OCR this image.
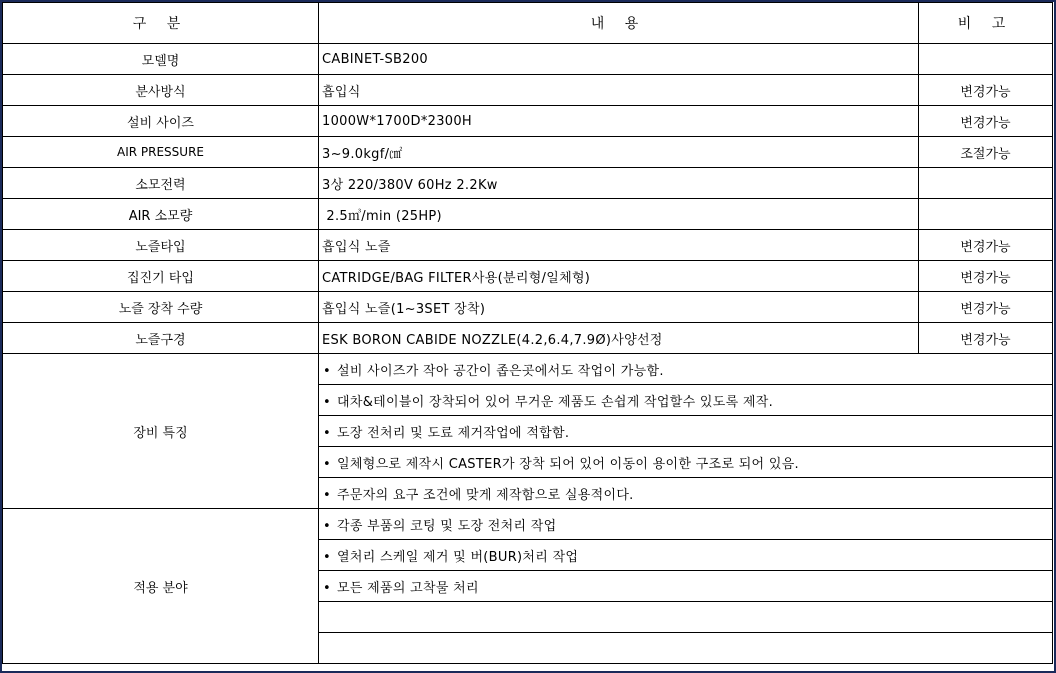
구 분	내 용	비 고
모델명	CABINET-SB200	
분사방식	흡입식	변경가능
설비 사이즈	1000W*1700D*2300H	변경가능
AIR PRESSURE	3~9.0kgf/㎠	조절가능
소모전력	3상 220/380V 60Hz 2.2Kw	
AIR 소모량	2.5㎥/min (25HP)	
노즐타입	흡입식 노즐	변경가능
집진기 타입	CATRIDGE/BAG FILTER사용(분리형/일체형)	변경가능
노즐 장착 수량	흡입식 노즐(1~3SET 장착)	변경가능
노즐구경	ESK BORON CABIDE NOZZLE(4.2,6.4,7.9Ø)사양선정	변경가능
장비 특징	• 설비 사이즈가 작아 공간이 좁은곳에서도 작업이 가능함.	
	• 대차&테이블이 장착되어 있어 무거운 제품도 손쉽게 작업할수 있도록 제작.	
	• 도장 전처리 및 도료 제거작업에 적합함.	
	• 일체형으로 제작시 CASTER가 장착 되어 있어 이동이 용이한 구조로 되어 있음.	
	• 주문자의 요구 조건에 맞게 제작함으로 실용적이다.	
적용 분야	• 각종 부품의 코팅 및 도장 전처리 작업	
	• 열처리 스케일 제거 및 버(BUR)처리 작업	
	• 모든 제품의 고착물 처리	
